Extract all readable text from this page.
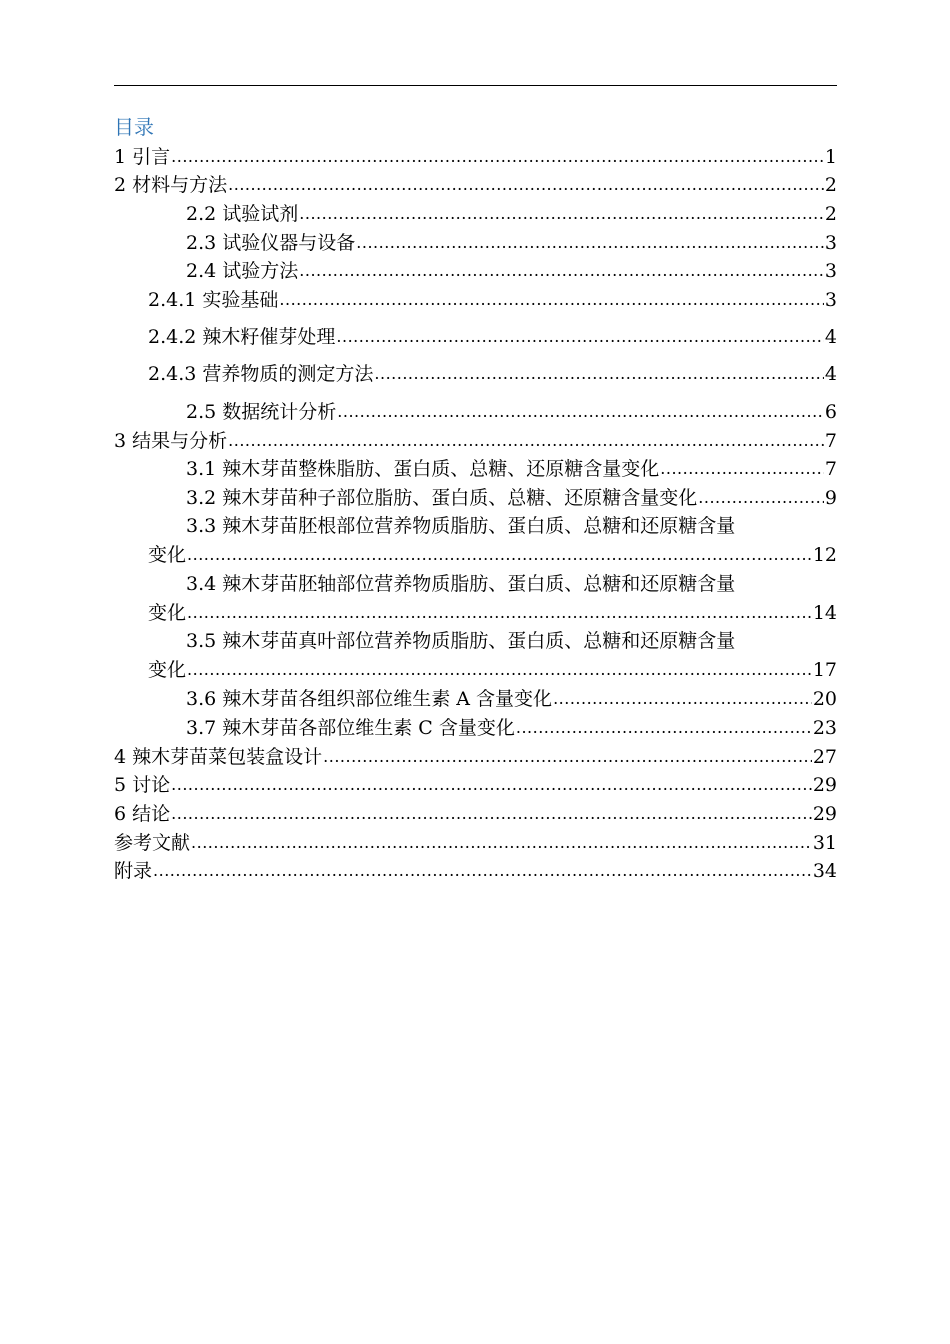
目录
1 引言 .....	1
2 材料与方法 .....	2
2.2 试验试剂 .....	2
2.3 试验仪器与设备 .....	3
2.4 试验方法 .....	3
2.4.1 实验基础 .....	3
2.4.2 辣木籽催芽处理 .....	4
2.4.3 营养物质的测定方法 .....	4
2.5 数据统计分析 .....	6
3 结果与分析 .....	7
3.1 辣木芽苗整株脂肪、蛋白质、总糖、还原糖含量变化 .....	7
3.2 辣木芽苗种子部位脂肪、蛋白质、总糖、还原糖含量变化 .....	9
3.3 辣木芽苗胚根部位营养物质脂肪、蛋白质、总糖和还原糖含量
变化 .....	12
3.4 辣木芽苗胚轴部位营养物质脂肪、蛋白质、总糖和还原糖含量
变化 .....	14
3.5 辣木芽苗真叶部位营养物质脂肪、蛋白质、总糖和还原糖含量
变化 .....	17
3.6 辣木芽苗各组织部位维生素 A 含量变化 .....	20
3.7 辣木芽苗各部位维生素 C 含量变化 .....	23
4 辣木芽苗菜包装盒设计 .....	27
5 讨论 .....	29
6 结论 .....	29
参考文献 .....	31
附录 .....	34
